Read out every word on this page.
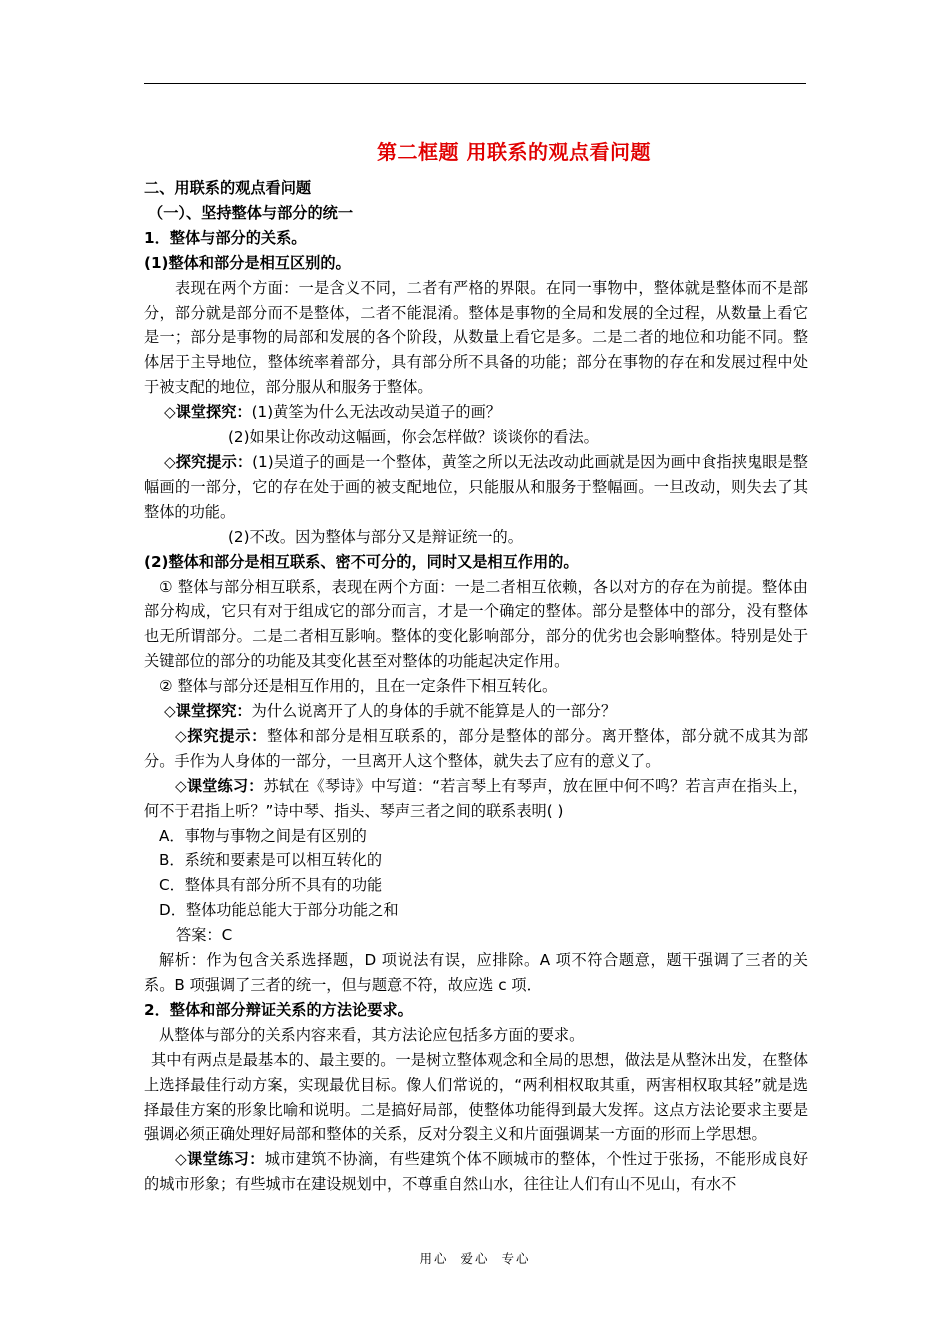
第二框题 用联系的观点看问题

二、用联系的观点看问题

（一）、坚持整体与部分的统一

1．整体与部分的关系。

(1)整体和部分是相互区别的。

表现在两个方面：一是含义不同，二者有严格的界限。在同一事物中，整体就是整体而不是部分，部分就是部分而不是整体，二者不能混淆。整体是事物的全局和发展的全过程，从数量上看它是一；部分是事物的局部和发展的各个阶段，从数量上看它是多。二是二者的地位和功能不同。整体居于主导地位，整体统率着部分，具有部分所不具备的功能；部分在事物的存在和发展过程中处于被支配的地位，部分服从和服务于整体。

◇课堂探究：(1)黄筌为什么无法改动吴道子的画？

(2)如果让你改动这幅画，你会怎样做？谈谈你的看法。

◇探究提示：(1)吴道子的画是一个整体，黄筌之所以无法改动此画就是因为画中食指挟鬼眼是整幅画的一部分，它的存在处于画的被支配地位，只能服从和服务于整幅画。一旦改动，则失去了其整体的功能。

(2)不改。因为整体与部分又是辩证统一的。

(2)整体和部分是相互联系、密不可分的，同时又是相互作用的。

① 整体与部分相互联系，表现在两个方面：一是二者相互依赖，各以对方的存在为前提。整体由部分构成，它只有对于组成它的部分而言，才是一个确定的整体。部分是整体中的部分，没有整体也无所谓部分。二是二者相互影响。整体的变化影响部分，部分的优劣也会影响整体。特别是处于关键部位的部分的功能及其变化甚至对整体的功能起决定作用。

② 整体与部分还是相互作用的，且在一定条件下相互转化。

◇课堂探究：为什么说离开了人的身体的手就不能算是人的一部分？

◇探究提示：整体和部分是相互联系的，部分是整体的部分。离开整体，部分就不成其为部分。手作为人身体的一部分，一旦离开人这个整体，就失去了应有的意义了。

◇课堂练习：苏轼在《琴诗》中写道：“若言琴上有琴声，放在匣中何不鸣？若言声在指头上，何不于君指上听？”诗中琴、指头、琴声三者之间的联系表明( )

A．事物与事物之间是有区别的

B．系统和要素是可以相互转化的

C．整体具有部分所不具有的功能

D．整体功能总能大于部分功能之和

答案：C

解析：作为包含关系选择题，D 项说法有误，应排除。A 项不符合题意，题干强调了三者的关系。B 项强调了三者的统一，但与题意不符，故应选 c 项．

2．整体和部分辩证关系的方法论要求。

从整体与部分的关系内容来看，其方法论应包括多方面的要求。

其中有两点是最基本的、最主要的。一是树立整体观念和全局的思想，做法是从整沐出发，在整体上选择最佳行动方案，实现最优目标。像人们常说的，“两利相权取其重，两害相权取其轻”就是选择最佳方案的形象比喻和说明。二是搞好局部，使整体功能得到最大发挥。这点方法论要求主要是强调必须正确处理好局部和整体的关系，反对分裂主义和片面强调某一方面的形而上学思想。

◇课堂练习：城市建筑不协滴，有些建筑个体不顾城市的整体，个性过于张扬，不能形成良好的城市形象；有些城市在建设规划中，不尊重自然山水，往往让人们有山不见山，有水不

用心 爱心 专心
